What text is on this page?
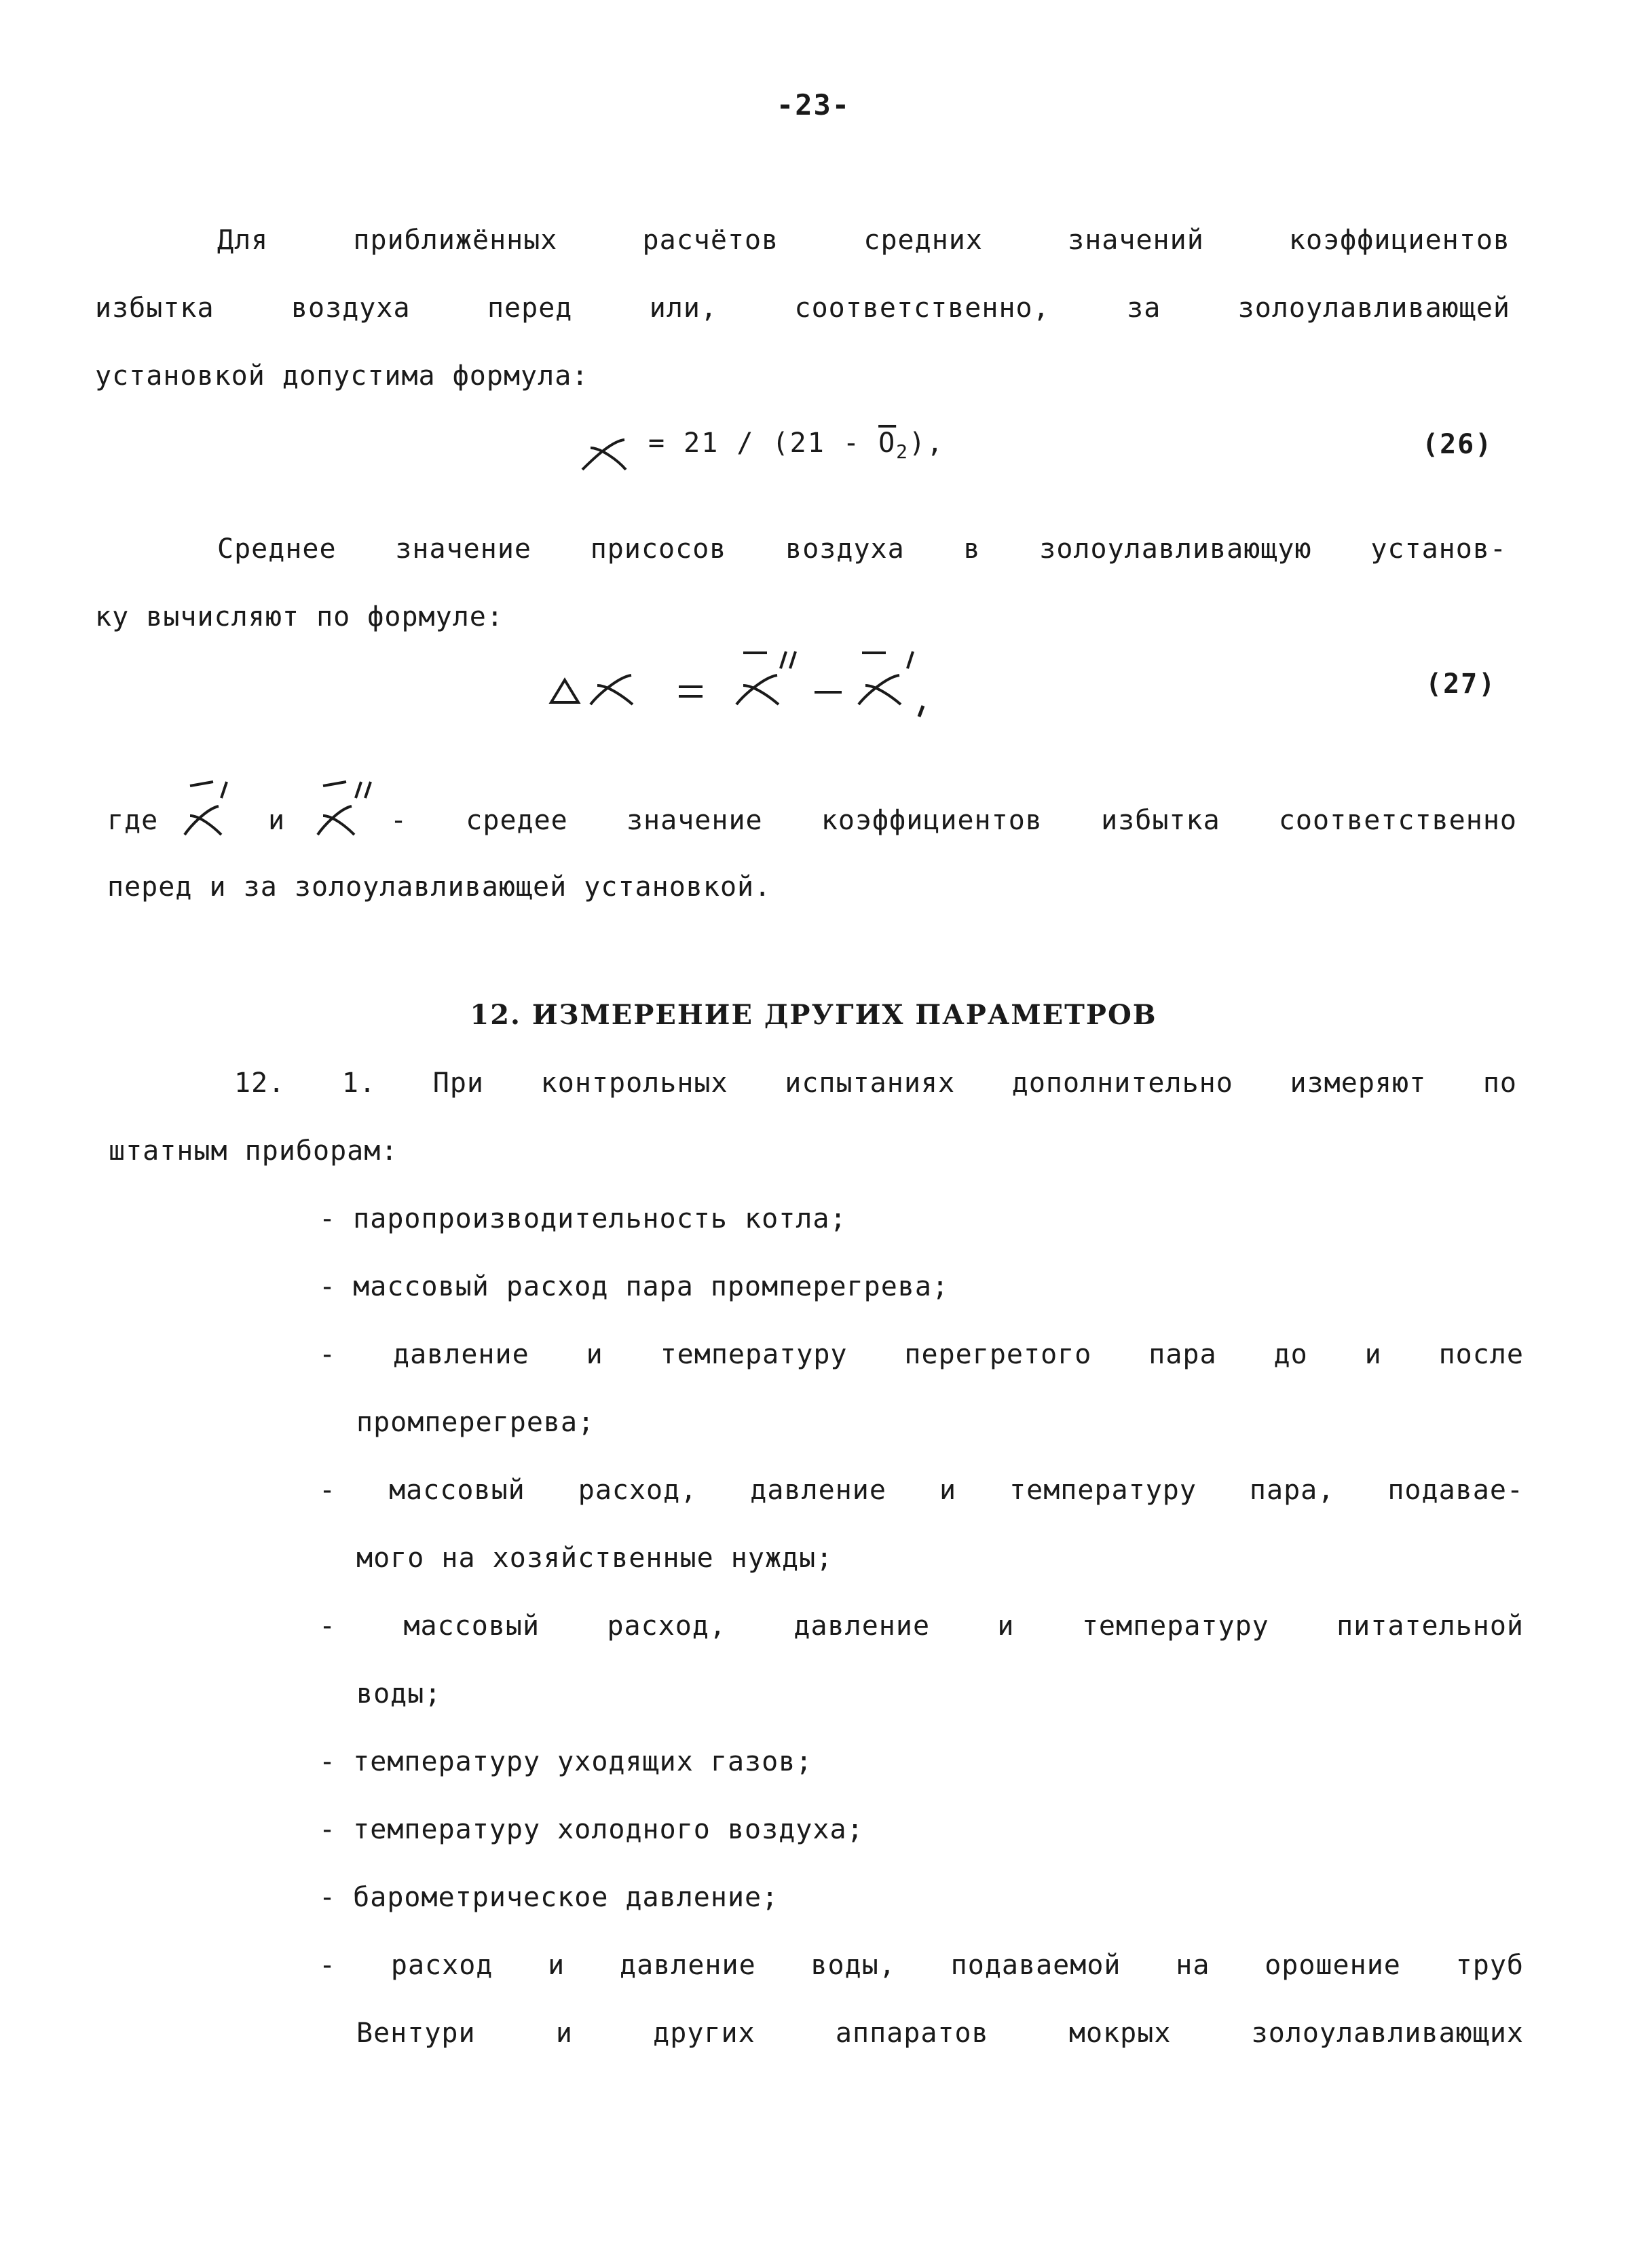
-23-
Для приближённых расчётов средних значений коэффициентов
избытка воздуха перед или, соответственно, за золоулавливающей
установкой допустима формула:
= $21 / (21 - \overline{O}_2)$,	(26)
Среднее значение присосов воздуха в золоулавливающую установ-
ку вычисляют по формуле:
(27)
где	и	- средее значение коэффициентов избытка соответственно
перед и за золоулавливающей установкой.
12. ИЗМЕРЕНИЕ ДРУГИХ ПАРАМЕТРОВ
12. 1. При контрольных испытаниях дополнительно измеряют по
штатным приборам:
- паропроизводительность котла;
- массовый расход пара промперегрева;
- давление и температуру перегретого пара до и после
промперегрева;
- массовый расход, давление и температуру пара, подавае-
мого на хозяйственные нужды;
- массовый расход, давление и температуру питательной
воды;
- температуру уходящих газов;
- температуру холодного воздуха;
- барометрическое давление;
- расход и давление воды, подаваемой на орошение труб
Вентури и других аппаратов мокрых золоулавливающих
